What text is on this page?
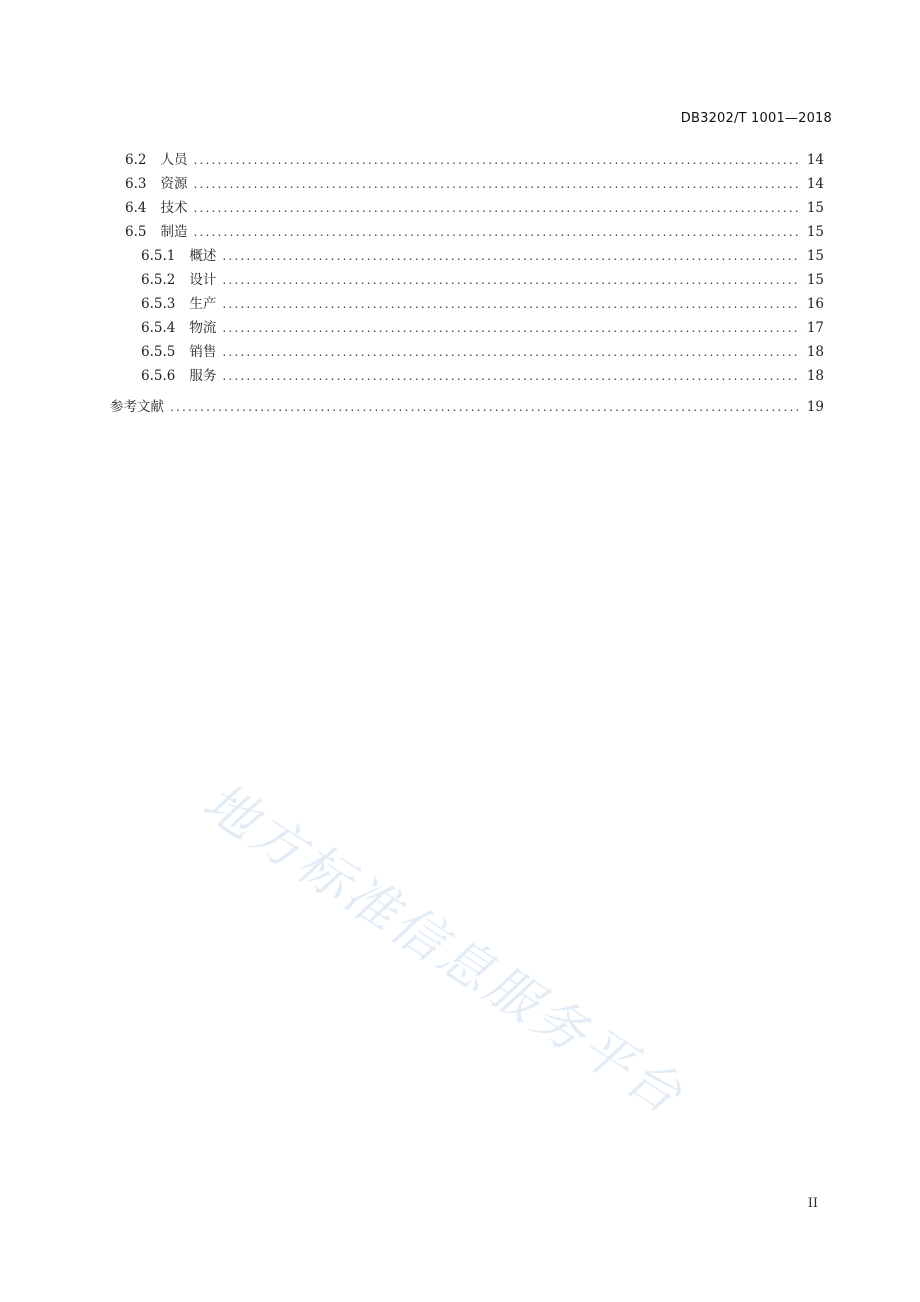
DB3202/T 1001—2018
6.2 人员 .....	14
6.3 资源 .....	14
6.4 技术 .....	15
6.5 制造 .....	15
6.5.1 概述 .....	15
6.5.2 设计 .....	15
6.5.3 生产 .....	16
6.5.4 物流 .....	17
6.5.5 销售 .....	18
6.5.6 服务 .....	18
参考文献 .....	19
地方标准信息服务平台
II
